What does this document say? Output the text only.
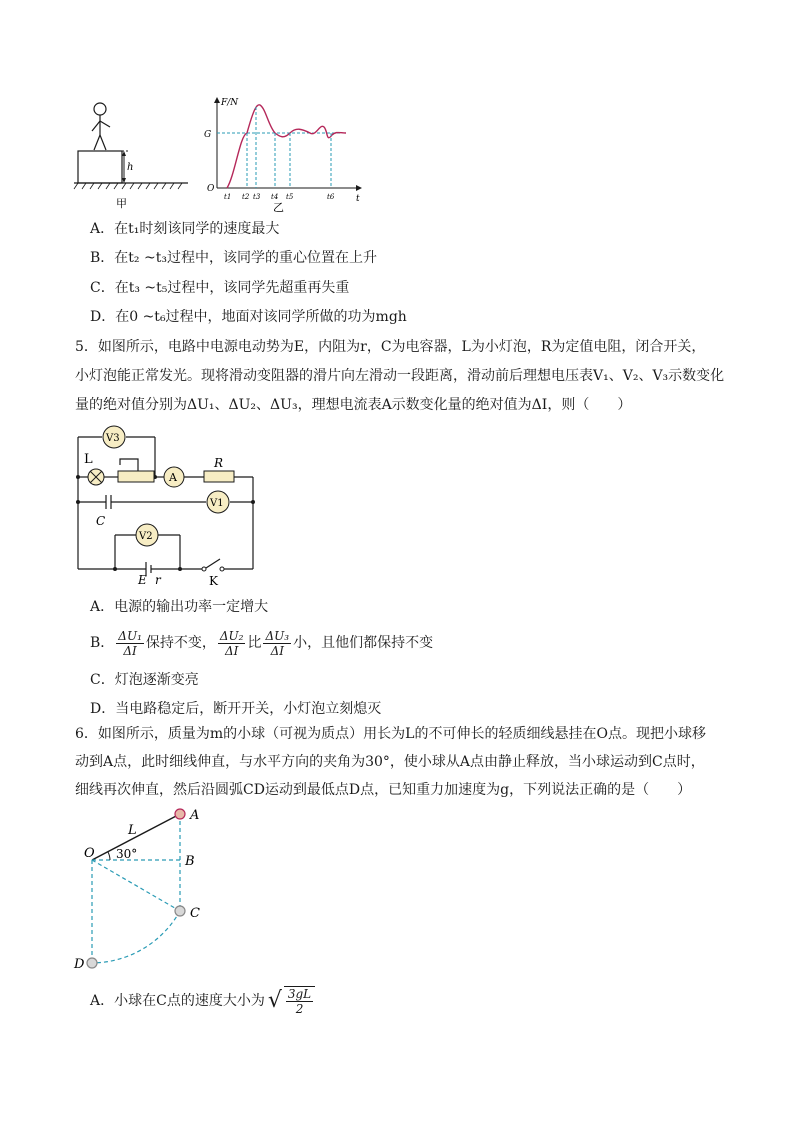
h
甲
F/N
t
O
G
t1 t2 t3 t4 t5	t6
乙
A．在t₁时刻该同学的速度最大
B．在t₂ ~t₃过程中，该同学的重心位置在上升
C．在t₃ ~t₅过程中，该同学先超重再失重
D．在0 ~t₆过程中，地面对该同学所做的功为mgh
5．如图所示，电路中电源电动势为E，内阻为r，C为电容器，L为小灯泡，R为定值电阻，闭合开关，
小灯泡能正常发光。现将滑动变阻器的滑片向左滑动一段距离，滑动前后理想电压表V₁、V₂、V₃示数变化
量的绝对值分别为ΔU₁、ΔU₂、ΔU₃，理想电流表A示数变化量的绝对值为ΔI，则（　　）
V3
L
A
R
V1
C
V2
E r	K
A．电源的输出功率一定增大
B． $\frac{\text{ΔU₁}}{\Delta I}$ 保持不变， $\frac{\text{ΔU₂}}{\Delta I}$ 比 $\frac{\text{ΔU₃}}{\Delta I}$ 小，且他们都保持不变
C．灯泡逐渐变亮
D．当电路稳定后，断开开关，小灯泡立刻熄灭
6．如图所示，质量为m的小球（可视为质点）用长为L的不可伸长的轻质细线悬挂在O点。现把小球移
动到A点，此时细线伸直，与水平方向的夹角为30°，使小球从A点由静止释放，当小球运动到C点时，
细线再次伸直，然后沿圆弧CD运动到最低点D点，已知重力加速度为g，下列说法正确的是（　　）
A
B
C
D
O
L
30°
A．小球在C点的速度大小为 √ $\frac{3gL}{2}$
